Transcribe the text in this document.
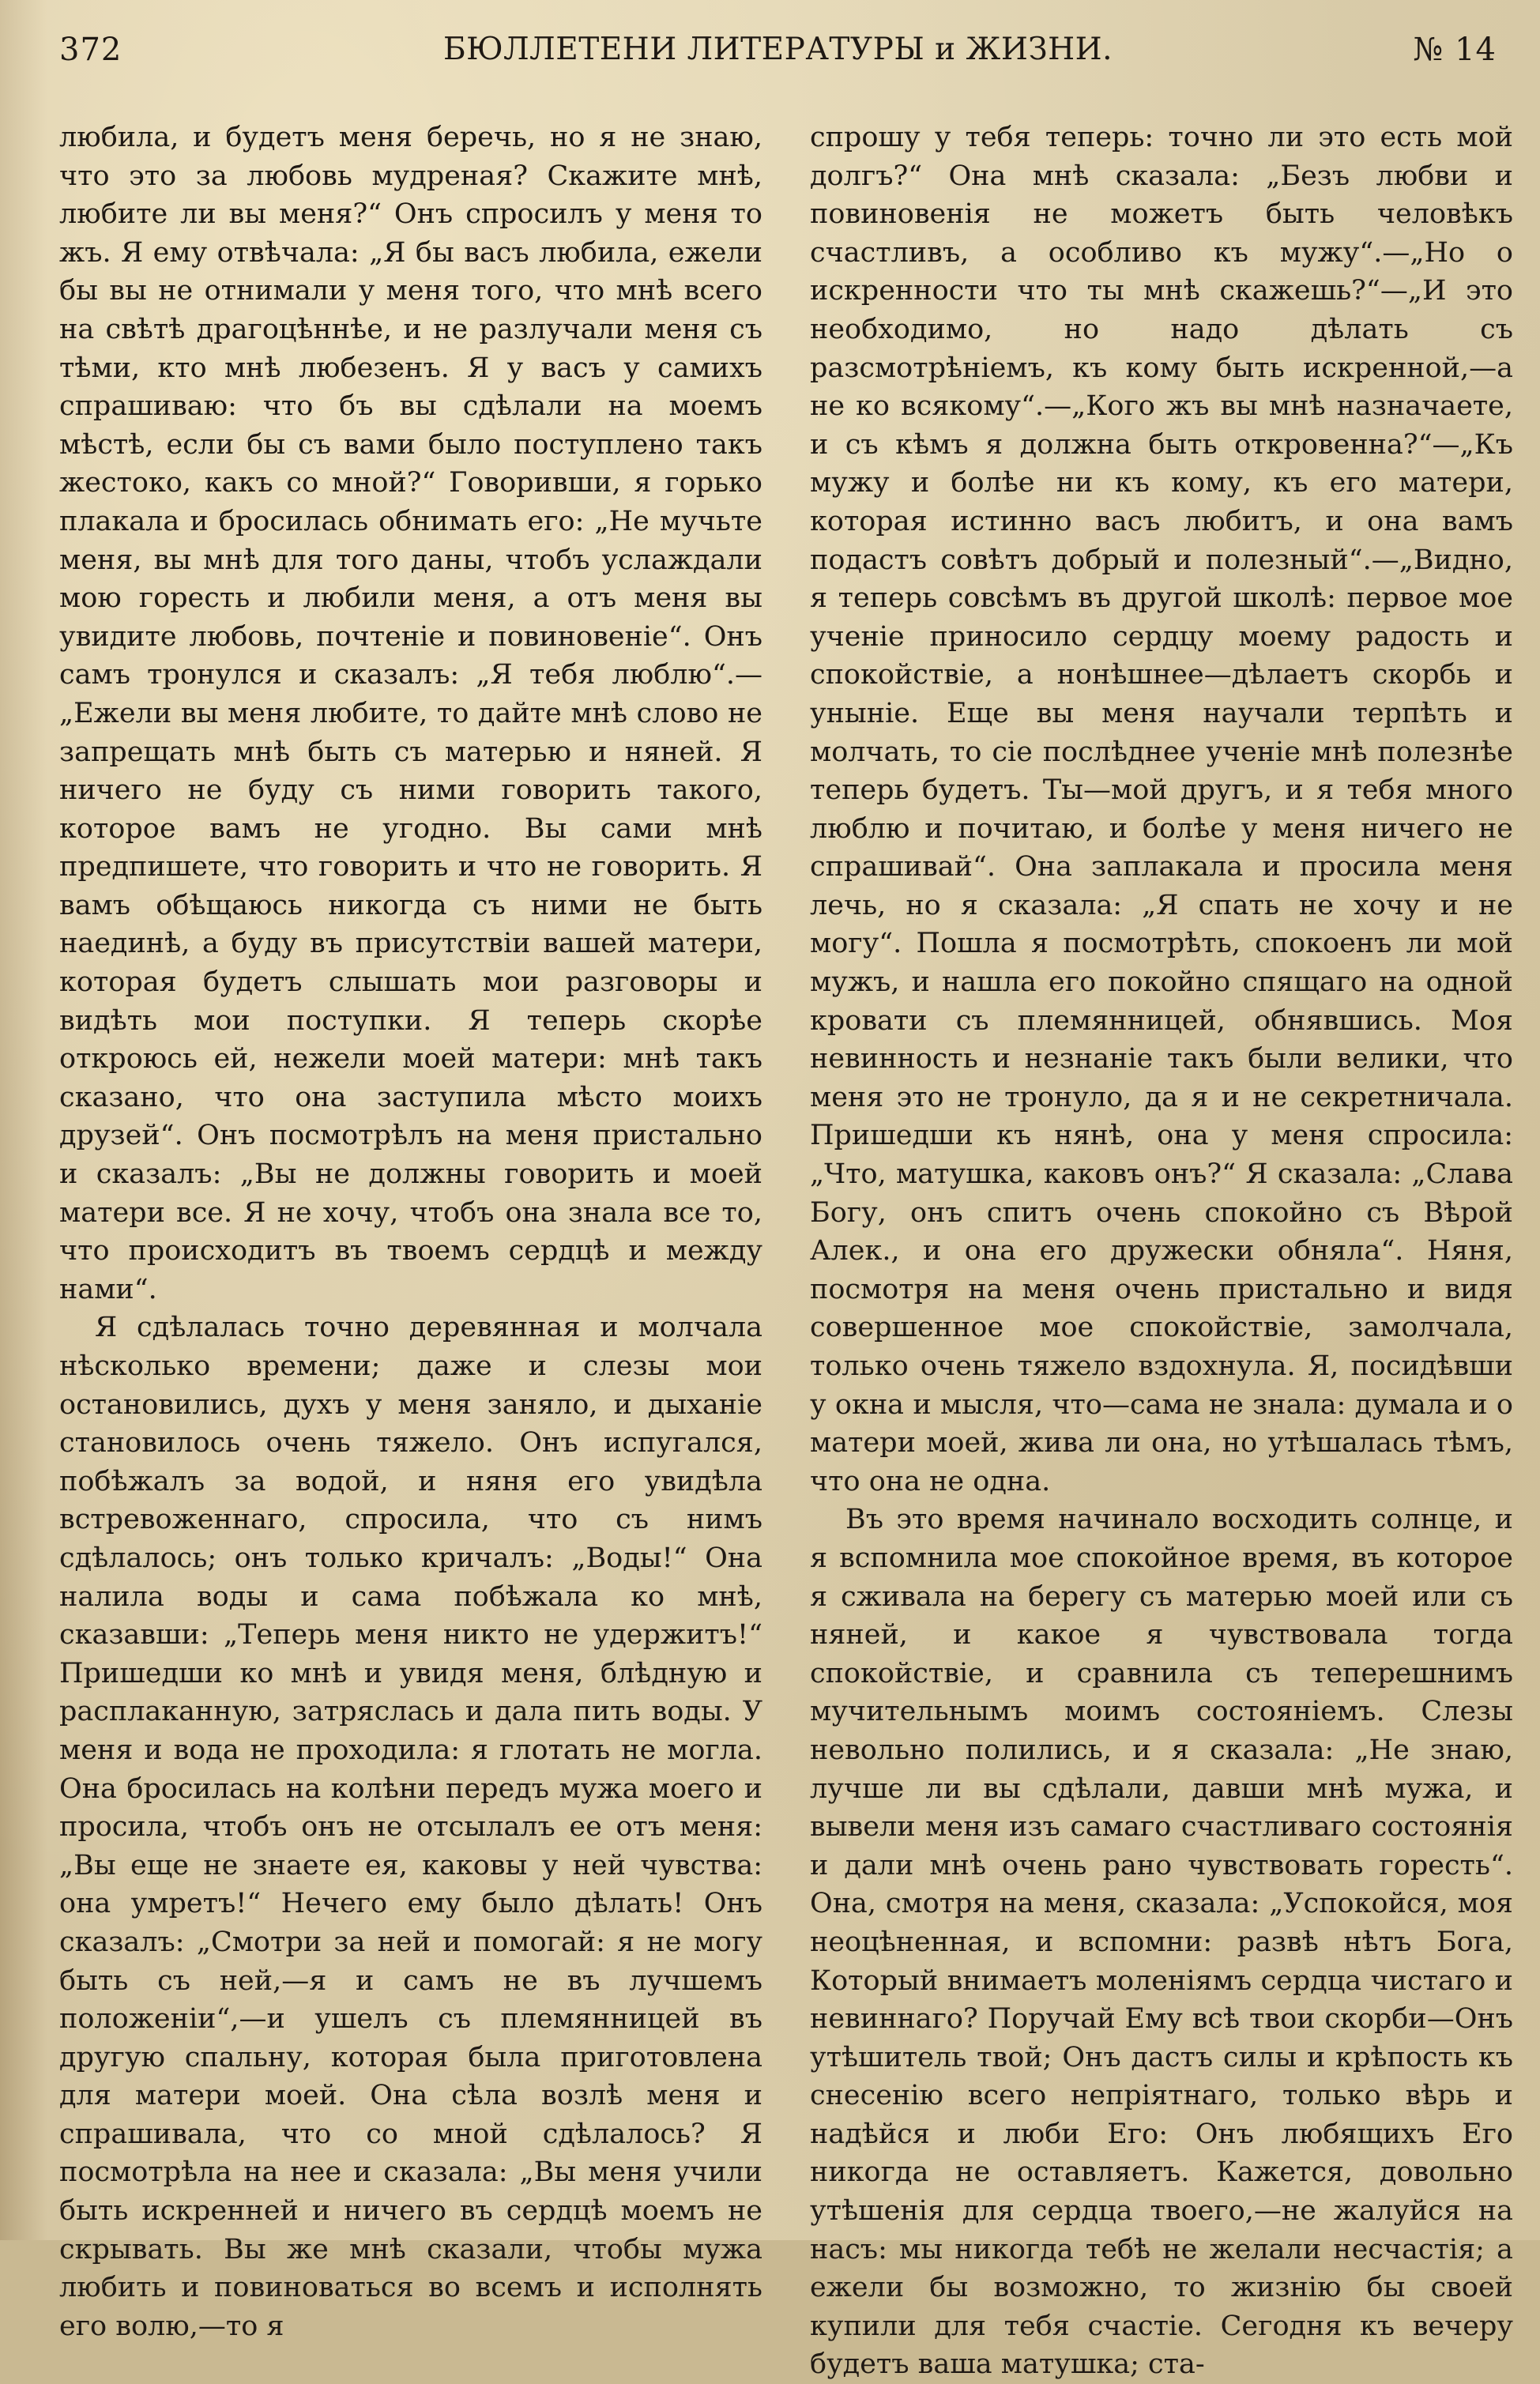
372	БЮЛЛЕТЕНИ ЛИТЕРАТУРЫ и ЖИЗНИ.	№ 14

любила, и будетъ меня беречь, но я не знаю, что это за любовь мудреная? Скажите мнѣ, любите ли вы меня?“ Онъ спросилъ у меня то жъ. Я ему отвѣчала: „Я бы васъ любила, ежели бы вы не отнимали у меня того, что мнѣ всего на свѣтѣ драгоцѣннѣе, и не разлучали меня съ тѣми, кто мнѣ любезенъ. Я у васъ у самихъ спрашиваю: что бъ вы сдѣлали на моемъ мѣстѣ, если бы съ вами было поступлено такъ жестоко, какъ со мной?“ Говоривши, я горько плакала и бросилась обнимать его: „Не мучьте меня, вы мнѣ для того даны, чтобъ услаждали мою горесть и любили меня, а отъ меня вы увидите любовь, почтеніе и повиновеніе“. Онъ самъ тронулся и сказалъ: „Я тебя люблю“.—„Ежели вы меня любите, то дайте мнѣ слово не запрещать мнѣ быть съ матерью и няней. Я ничего не буду съ ними говорить такого, которое вамъ не угодно. Вы сами мнѣ предпишете, что говорить и что не говорить. Я вамъ обѣщаюсь никогда съ ними не быть наединѣ, а буду въ присутствіи вашей матери, которая будетъ слышать мои разговоры и видѣть мои поступки. Я теперь скорѣе откроюсь ей, нежели моей матери: мнѣ такъ сказано, что она заступила мѣсто моихъ друзей“. Онъ посмотрѣлъ на меня пристально и сказалъ: „Вы не должны говорить и моей матери все. Я не хочу, чтобъ она знала все то, что происходитъ въ твоемъ сердцѣ и между нами“.

Я сдѣлалась точно деревянная и молчала нѣсколько времени; даже и слезы мои остановились, духъ у меня заняло, и дыханіе становилось очень тяжело. Онъ испугался, побѣжалъ за водой, и няня его увидѣла встревоженнаго, спросила, что съ нимъ сдѣлалось; онъ только кричалъ: „Воды!“ Она налила воды и сама побѣжала ко мнѣ, сказавши: „Теперь меня никто не удержитъ!“ Пришедши ко мнѣ и увидя меня, блѣдную и расплаканную, затряслась и дала пить воды. У меня и вода не проходила: я глотать не могла. Она бросилась на колѣни передъ мужа моего и просила, чтобъ онъ не отсылалъ ее отъ меня: „Вы еще не знаете ея, каковы у ней чувства: она умретъ!“ Нечего ему было дѣлать! Онъ сказалъ: „Смотри за ней и помогай: я не могу быть съ ней,—я и самъ не въ лучшемъ положеніи“,—и ушелъ съ племянницей въ другую спальну, которая была приготовлена для матери моей. Она сѣла возлѣ меня и спрашивала, что со мной сдѣлалось? Я посмотрѣла на нее и сказала: „Вы меня учили быть искренней и ничего въ сердцѣ моемъ не скрывать. Вы же мнѣ сказали, чтобы мужа любить и повиноваться во всемъ и исполнять его волю,—то я

спрошу у тебя теперь: точно ли это есть мой долгъ?“ Она мнѣ сказала: „Безъ любви и повиновенія не можетъ быть человѣкъ счастливъ, а особливо къ мужу“.—„Но о искренности что ты мнѣ скажешь?“—„И это необходимо, но надо дѣлать съ разсмотрѣніемъ, къ кому быть искренной,—а не ко всякому“.—„Кого жъ вы мнѣ назначаете, и съ кѣмъ я должна быть откровенна?“—„Къ мужу и болѣе ни къ кому, къ его матери, которая истинно васъ любитъ, и она вамъ подастъ совѣтъ добрый и полезный“.—„Видно, я теперь совсѣмъ въ другой школѣ: первое мое ученіе приносило сердцу моему радость и спокойствіе, а нонѣшнее—дѣлаетъ скорбь и уныніе. Еще вы меня научали терпѣть и молчать, то сіе послѣднее ученіе мнѣ полезнѣе теперь будетъ. Ты—мой другъ, и я тебя много люблю и почитаю, и болѣе у меня ничего не спрашивай“. Она заплакала и просила меня лечь, но я сказала: „Я спать не хочу и не могу“. Пошла я посмотрѣть, спокоенъ ли мой мужъ, и нашла его покойно спящаго на одной кровати съ племянницей, обнявшись. Моя невинность и незнаніе такъ были велики, что меня это не тронуло, да я и не секретничала. Пришедши къ нянѣ, она у меня спросила: „Что, матушка, каковъ онъ?“ Я сказала: „Слава Богу, онъ спитъ очень спокойно съ Вѣрой Алек., и она его дружески обняла“. Няня, посмотря на меня очень пристально и видя совершенное мое спокойствіе, замолчала, только очень тяжело вздохнула. Я, посидѣвши у окна и мысля, что—сама не знала: думала и о матери моей, жива ли она, но утѣшалась тѣмъ, что она не одна.

Въ это время начинало восходить солнце, и я вспомнила мое спокойное время, въ которое я сживала на берегу съ матерью моей или съ няней, и какое я чувствовала тогда спокойствіе, и сравнила съ теперешнимъ мучительнымъ моимъ состояніемъ. Слезы невольно полились, и я сказала: „Не знаю, лучше ли вы сдѣлали, давши мнѣ мужа, и вывели меня изъ самаго счастливаго состоянія и дали мнѣ очень рано чувствовать горесть“. Она, смотря на меня, сказала: „Успокойся, моя неоцѣненная, и вспомни: развѣ нѣтъ Бога, Который внимаетъ моленіямъ сердца чистаго и невиннаго? Поручай Ему всѣ твои скорби—Онъ утѣшитель твой; Онъ дастъ силы и крѣпость къ снесенію всего непріятнаго, только вѣрь и надѣйся и люби Его: Онъ любящихъ Его никогда не оставляетъ. Кажется, довольно утѣшенія для сердца твоего,—не жалуйся на насъ: мы никогда тебѣ не желали несчастія; а ежели бы возможно, то жизнію бы своей купили для тебя счастіе. Сегодня къ вечеру будетъ ваша матушка; ста-
